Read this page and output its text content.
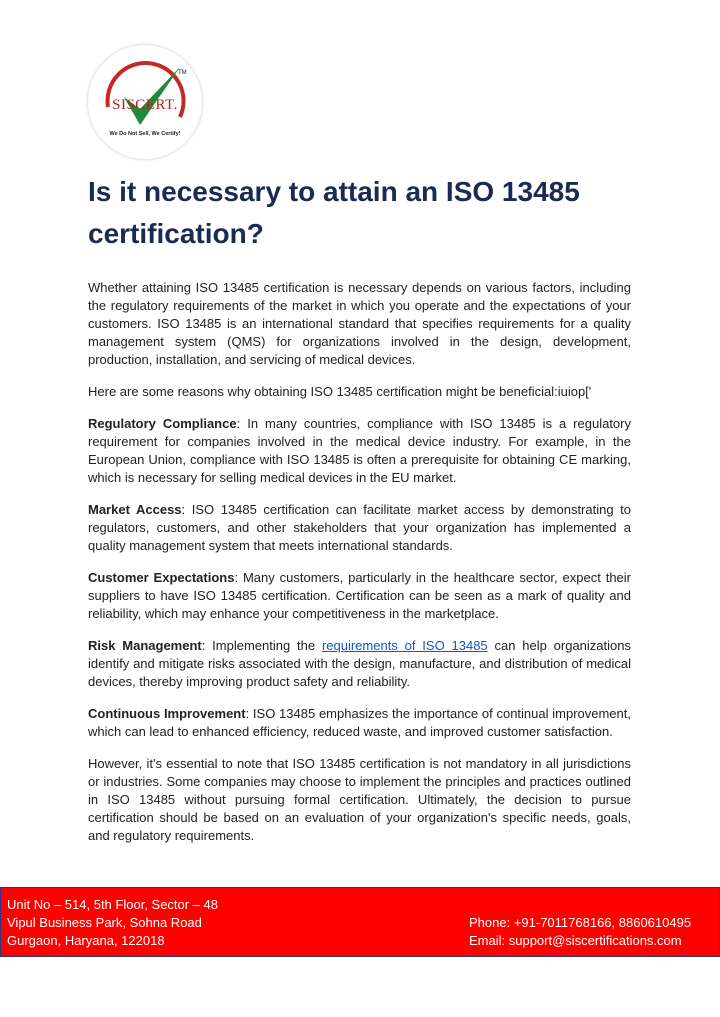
SISCERT.
TM
We Do Not Sell, We Certify!
Is it necessary to attain an ISO 13485 certification?

Whether attaining ISO 13485 certification is necessary depends on various factors, including the regulatory requirements of the market in which you operate and the expectations of your customers. ISO 13485 is an international standard that specifies requirements for a quality management system (QMS) for organizations involved in the design, development, production, installation, and servicing of medical devices.

Here are some reasons why obtaining ISO 13485 certification might be beneficial:iuiop['

Regulatory Compliance: In many countries, compliance with ISO 13485 is a regulatory requirement for companies involved in the medical device industry. For example, in the European Union, compliance with ISO 13485 is often a prerequisite for obtaining CE marking, which is necessary for selling medical devices in the EU market.

Market Access: ISO 13485 certification can facilitate market access by demonstrating to regulators, customers, and other stakeholders that your organization has implemented a quality management system that meets international standards.

Customer Expectations: Many customers, particularly in the healthcare sector, expect their suppliers to have ISO 13485 certification. Certification can be seen as a mark of quality and reliability, which may enhance your competitiveness in the marketplace.

Risk Management: Implementing the requirements of ISO 13485 can help organizations identify and mitigate risks associated with the design, manufacture, and distribution of medical devices, thereby improving product safety and reliability.

Continuous Improvement: ISO 13485 emphasizes the importance of continual improvement, which can lead to enhanced efficiency, reduced waste, and improved customer satisfaction.

However, it's essential to note that ISO 13485 certification is not mandatory in all jurisdictions or industries. Some companies may choose to implement the principles and practices outlined in ISO 13485 without pursuing formal certification. Ultimately, the decision to pursue certification should be based on an evaluation of your organization's specific needs, goals, and regulatory requirements.

Unit No – 514, 5th Floor, Sector – 48
Vipul Business Park, Sohna Road
Gurgaon, Haryana, 122018
Phone: +91-7011768166, 8860610495
Email: support@siscertifications.com
